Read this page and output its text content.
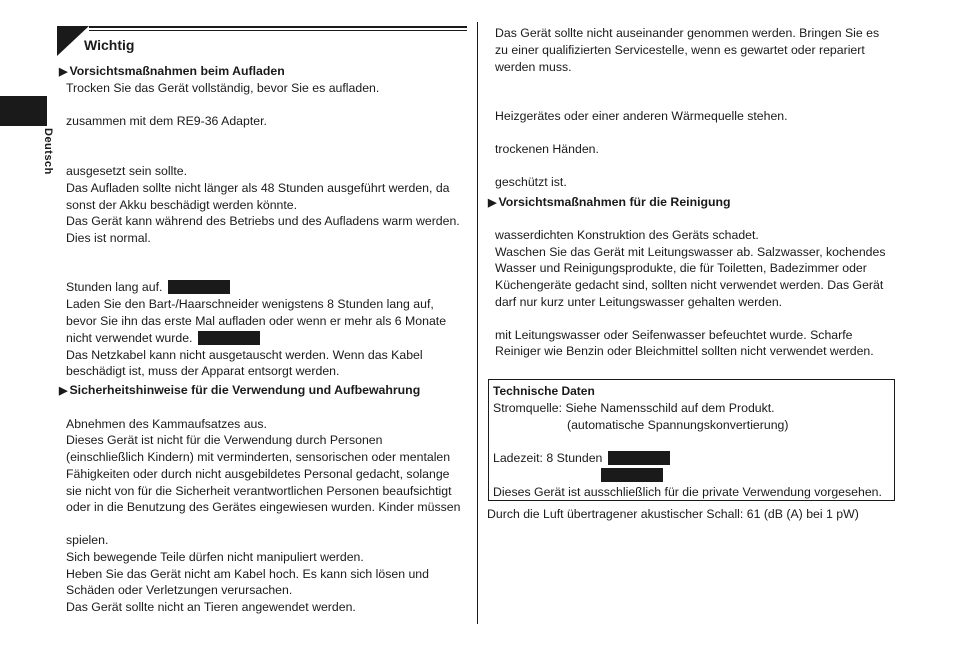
Deutsch
Wichtig
▶ Vorsichtsmaßnahmen beim Aufladen
Trocken Sie das Gerät vollständig, bevor Sie es aufladen.
zusammen mit dem RE9-36 Adapter.
ausgesetzt sein sollte.
Das Aufladen sollte nicht länger als 48 Stunden ausgeführt werden, da
sonst der Akku beschädigt werden könnte.
Das Gerät kann während des Betriebs und des Aufladens warm werden.
Dies ist normal.
Stunden lang auf.
Laden Sie den Bart-/Haarschneider wenigstens 8 Stunden lang auf,
bevor Sie ihn das erste Mal aufladen oder wenn er mehr als 6 Monate
nicht verwendet wurde.
Das Netzkabel kann nicht ausgetauscht werden. Wenn das Kabel
beschädigt ist, muss der Apparat entsorgt werden.
▶ Sicherheitshinweise für die Verwendung und Aufbewahrung
Abnehmen des Kammaufsatzes aus.
Dieses Gerät ist nicht für die Verwendung durch Personen
(einschließlich Kindern) mit verminderten, sensorischen oder mentalen
Fähigkeiten oder durch nicht ausgebildetes Personal gedacht, solange
sie nicht von für die Sicherheit verantwortlichen Personen beaufsichtigt
oder in die Benutzung des Gerätes eingewiesen wurden. Kinder müssen
spielen.
Sich bewegende Teile dürfen nicht manipuliert werden.
Heben Sie das Gerät nicht am Kabel hoch. Es kann sich lösen und
Schäden oder Verletzungen verursachen.
Das Gerät sollte nicht an Tieren angewendet werden.
Das Gerät sollte nicht auseinander genommen werden. Bringen Sie es
zu einer qualifizierten Servicestelle, wenn es gewartet oder repariert
werden muss.
Heizgerätes oder einer anderen Wärmequelle stehen.
trockenen Händen.
geschützt ist.
▶ Vorsichtsmaßnahmen für die Reinigung
wasserdichten Konstruktion des Geräts schadet.
Waschen Sie das Gerät mit Leitungswasser ab. Salzwasser, kochendes
Wasser und Reinigungsprodukte, die für Toiletten, Badezimmer oder
Küchengeräte gedacht sind, sollten nicht verwendet werden. Das Gerät
darf nur kurz unter Leitungswasser gehalten werden.
mit Leitungswasser oder Seifenwasser befeuchtet wurde. Scharfe
Reiniger wie Benzin oder Bleichmittel sollten nicht verwendet werden.
Technische Daten
Stromquelle: Siehe Namensschild auf dem Produkt.
(automatische Spannungskonvertierung)
Ladezeit: 8 Stunden
Dieses Gerät ist ausschließlich für die private Verwendung vorgesehen.
Durch die Luft übertragener akustischer Schall: 61 (dB (A) bei 1 pW)
